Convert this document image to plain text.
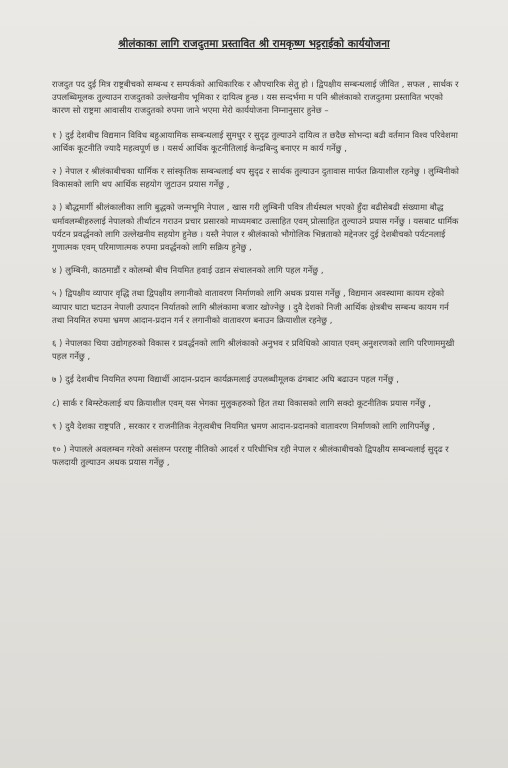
श्रीलंकाका लागि राजदुतमा प्रस्तावित श्री रामकृष्ण भट्टराईको कार्ययोजना

राजदुत पद दुई मित्र राष्ट्रबीचको सम्बन्ध र सम्पर्कको आधिकारिक र औपचारिक सेतु हो । द्विपक्षीय सम्बन्धलाई जीवित , सफल , सार्थक र उपलब्धिमूलक तुल्याउन राजदुतको उल्लेखनीय भूमिका र दायित्व हुन्छ । यस सन्दर्भमा म पनि श्रीलंकाको राजदुतमा प्रस्तावित भएको कारण सो राष्ट्रमा आवासीय राजदुतको रुपमा जाने भएमा मेरो कार्ययोजना निम्नानुसार हुनेछ –

१ ) दुई देशबीच विद्यमान विविध बहुआयामिक सम्बन्धलाई सुमधुर र सुदृढ तुल्याउने दायित्व त छदैछ सोभन्दा बढी वर्तमान विश्व परिवेशमा आर्थिक कूटनीति ज्यादै महत्वपूर्ण छ । यसर्थ आर्थिक कूटनीतिलाई केन्द्रबिन्दु बनाएर म कार्य गर्नेछु ,

२ ) नेपाल र श्रीलंकाबीचका धार्मिक र सांस्कृतिक सम्बन्धलाई थप सुदृढ र सार्थक तुल्याउन दुतावास मार्फत क्रियाशील रहनेछु । लुम्बिनीको विकासको लागि थप आर्थिक सहयोग जुटाउन प्रयास गर्नेछु ,

३ ) बौद्धमार्गी श्रीलंकालीका लागि बुद्धको जन्मभूमि नेपाल , खास गरी लुम्बिनी पवित्र तीर्थस्थल भएको हुँदा बढीसेबढी संख्यामा बौद्ध धर्मावलम्बीहरुलाई नेपालको तीर्थाटन गराउन प्रचार प्रसारको माध्यमबाट उत्साहित एवम् प्रोत्साहित तुल्याउने प्रयास गर्नेछु । यसबाट धार्मिक पर्यटन प्रवर्द्धनको लागि उल्लेखनीय सहयोग हुनेछ । यस्तै नेपाल र श्रीलंकाको भौगोलिक भिन्नताको मद्देनजर दुई देशबीचको पर्यटनलाई गुणात्मक एवम् परिमाणात्मक रुपमा प्रवर्द्धनको लागि सक्रिय हुनेछु ,

४ ) लुम्बिनी, काठमाडौं र कोलम्बो बीच नियमित हवाई उडान संचालनको लागि पहल गर्नेछु ,

५ ) द्विपक्षीय व्यापार वृद्धि तथा द्विपक्षीय लगानीको वातावरण निर्माणको लागि अथक प्रयास गर्नेछु , विद्यमान अवस्थामा कायम रहेको व्यापार घाटा घटाउन नेपाली उत्पादन निर्यातको लागि श्रीलंकामा बजार खोज्नेछु । दुवै देशको निजी आर्थिक क्षेत्रबीच सम्बन्ध कायम गर्न तथा नियमित रुपमा भ्रमण आदान-प्रदान गर्न र लगानीको वातावरण बनाउन क्रियाशील रहनेछु ,

६ ) नेपालका चिया उद्योगहरुको विकास र प्रवर्द्धनको लागि श्रीलंकाको अनुभव र प्रविधिको आयात एवम् अनुशरणको लागि परिणाममुखी पहल गर्नेछु ,

७ ) दुई देशबीच नियमित रुपमा विद्यार्थी आदान-प्रदान कार्यक्रमलाई उपलब्धीमूलक ढंगबाट अघि बढाउन पहल गर्नेछु ,

८) सार्क र बिम्स्टेकलाई थप क्रियाशील एवम् यस भेगका मुलुकहरुको हित तथा विकासको लागि सक्दो कूटनीतिक प्रयास गर्नेछु ,

९ ) दुवै देशका राष्ट्रपति , सरकार र राजनीतिक नेतृत्वबीच नियमित भ्रमण आदान-प्रदानको वातावरण निर्माणको लागि लागिपर्नेछु ,

१० ) नेपालले अवलम्बन गरेको असंलग्न परराष्ट्र नीतिको आदर्श र परिधीभित्र रही नेपाल र श्रीलंकाबीचको द्विपक्षीय सम्बन्धलाई सुदृढ र फलदायी तुल्याउन अथक प्रयास गर्नेछु ,
